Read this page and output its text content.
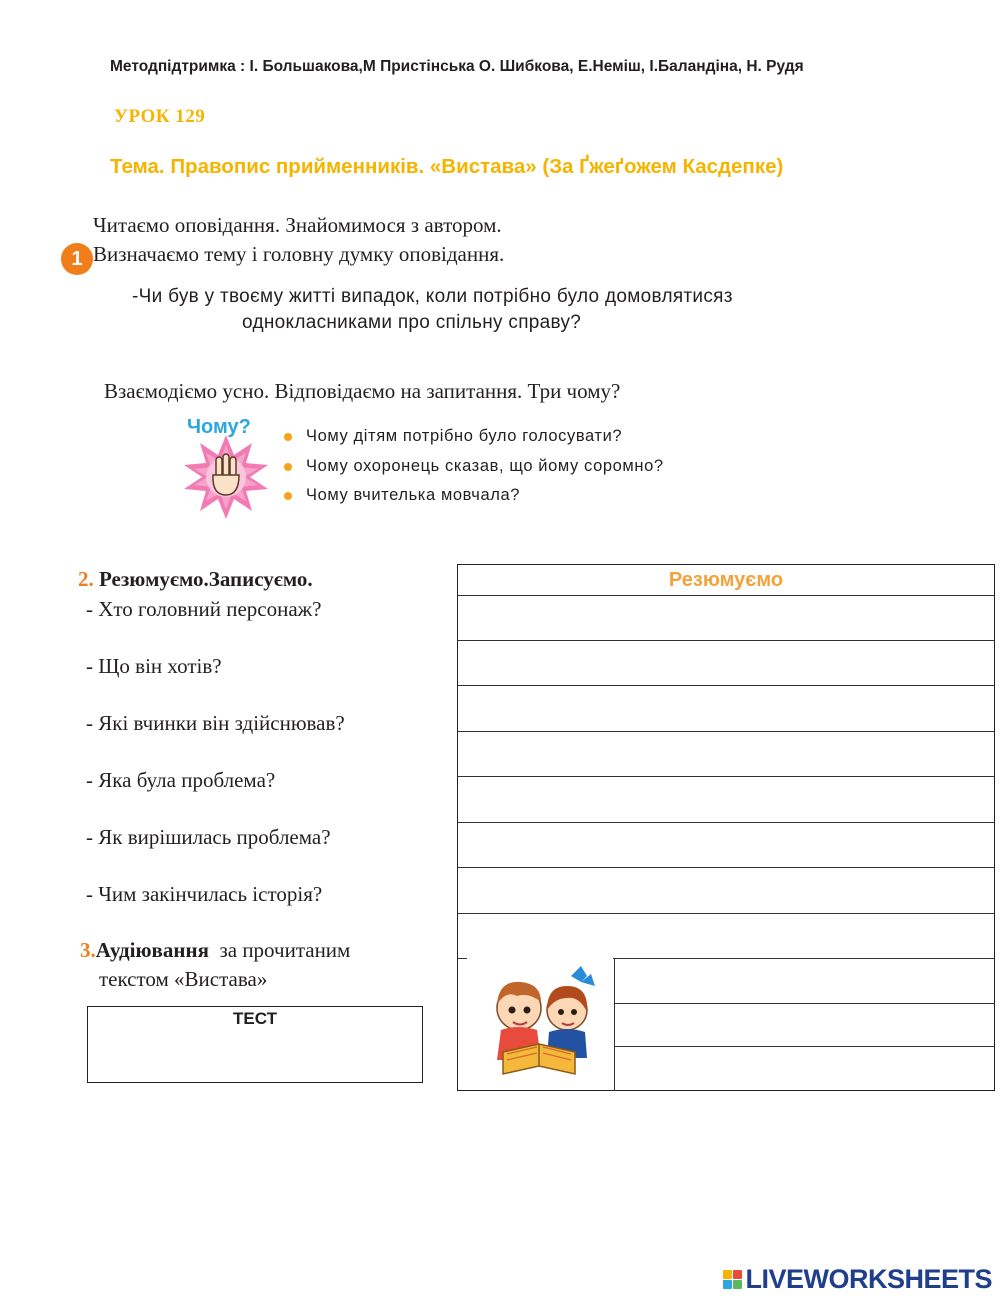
Методпідтримка : І. Большакова,М Пристінська О. Шибкова, Е.Неміш, І.Баландіна, Н. Рудя
УРОК 129
Тема. Правопис прийменників. «Вистава» (За Ґжеґожем Касдепке)
Читаємо оповідання. Знайомимося з автором.
1 Визначаємо тему і головну думку оповідання.
-Чи був у твоєму житті випадок, коли потрібно було домовлятисяз
однокласниками про спільну справу?
Взаємодіємо усно. Відповідаємо на запитання. Три чому?
Чому?	Чому дітям потрібно було голосувати?
Чому охоронець сказав, що йому соромно?
Чому вчителька мовчала?
2. Резюмуємо.Записуємо.
- Хто головний персонаж?
- Що він хотів?
- Які вчинки він здійснював?
- Яка була проблема?
- Як вирішилась проблема?
- Чим закінчилась історія?
Резюмуємо
3.Аудіювання  за прочитаним
текстом «Вистава»
ТЕСТ
LIVEWORKSHEETS
